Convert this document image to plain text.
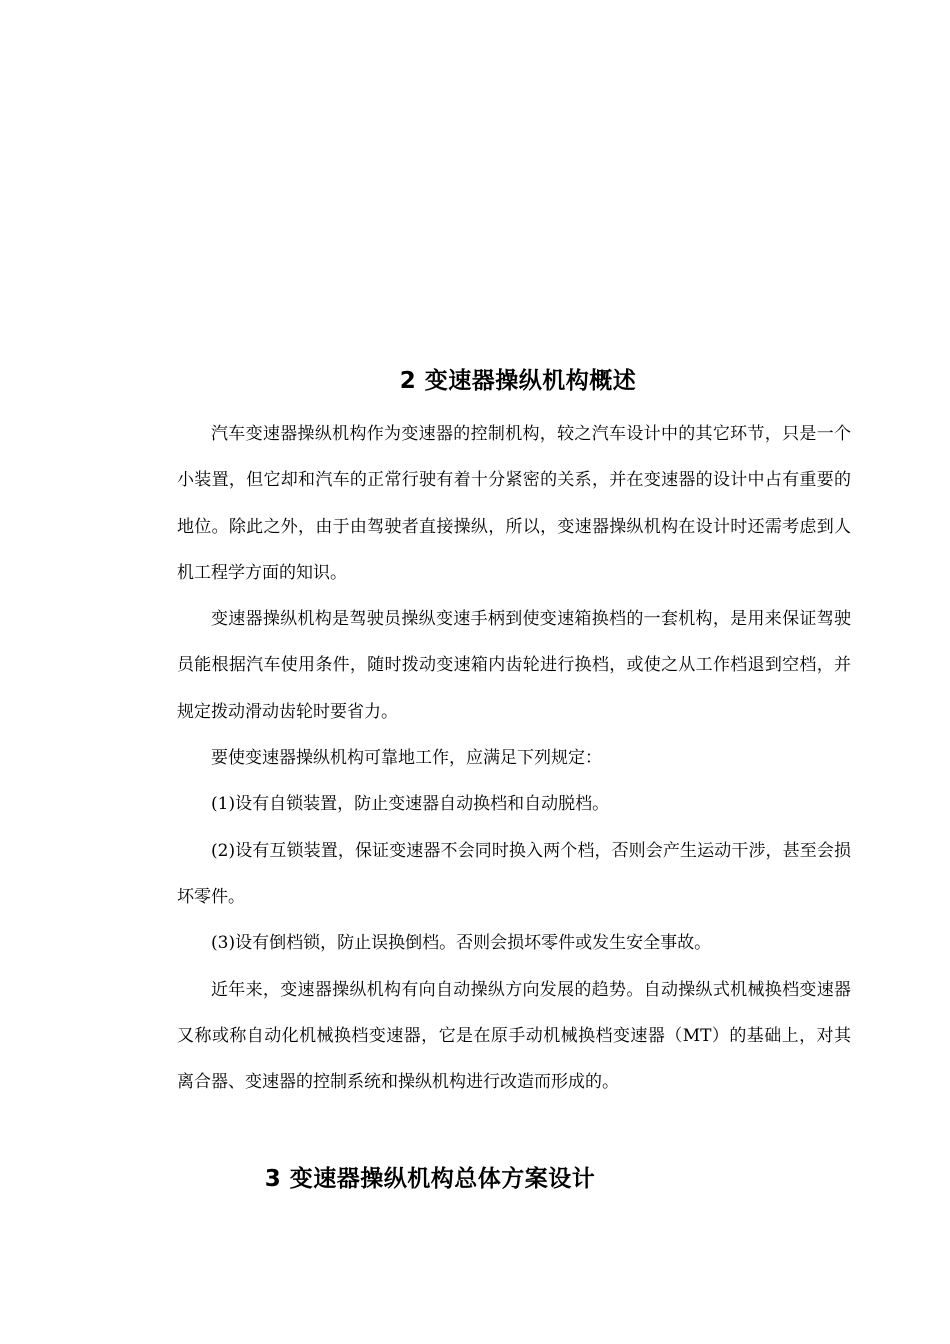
2 变速器操纵机构概述

汽车变速器操纵机构作为变速器的控制机构，较之汽车设计中的其它环节，只是一个小装置，但它却和汽车的正常行驶有着十分紧密的关系，并在变速器的设计中占有重要的地位。除此之外，由于由驾驶者直接操纵，所以，变速器操纵机构在设计时还需考虑到人机工程学方面的知识。

变速器操纵机构是驾驶员操纵变速手柄到使变速箱换档的一套机构，是用来保证驾驶员能根据汽车使用条件，随时拨动变速箱内齿轮进行换档，或使之从工作档退到空档，并规定拨动滑动齿轮时要省力。

要使变速器操纵机构可靠地工作，应满足下列规定：

(1)设有自锁装置，防止变速器自动换档和自动脱档。

(2)设有互锁装置，保证变速器不会同时换入两个档，否则会产生运动干涉，甚至会损坏零件。

(3)设有倒档锁，防止误换倒档。否则会损坏零件或发生安全事故。

近年来，变速器操纵机构有向自动操纵方向发展的趋势。自动操纵式机械换档变速器又称或称自动化机械换档变速器，它是在原手动机械换档变速器（MT）的基础上，对其离合器、变速器的控制系统和操纵机构进行改造而形成的。

3 变速器操纵机构总体方案设计
